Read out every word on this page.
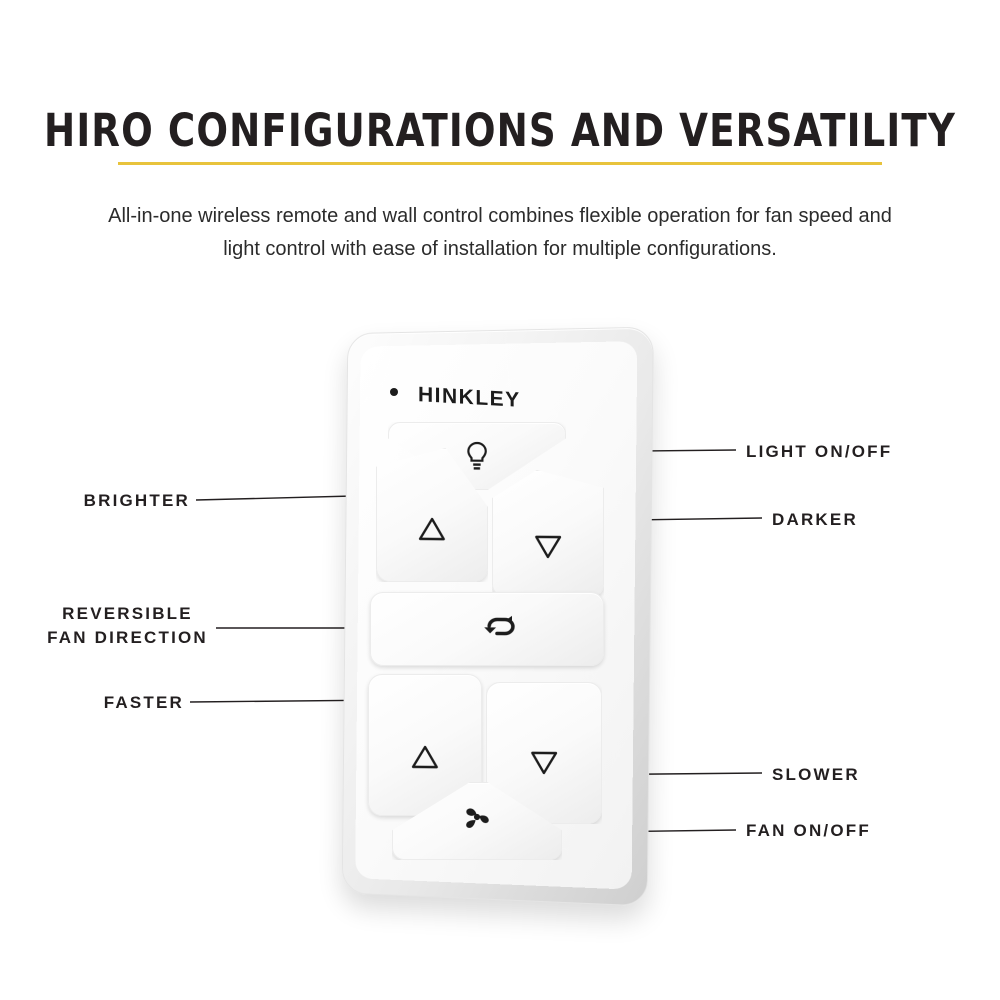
HIRO CONFIGURATIONS AND VERSATILITY
All-in-one wireless remote and wall control combines flexible operation for fan speed and light control with ease of installation for multiple configurations.
BRIGHTER
REVERSIBLE
FAN DIRECTION
FASTER
LIGHT ON/OFF
DARKER
SLOWER
FAN ON/OFF
HINKLEY
